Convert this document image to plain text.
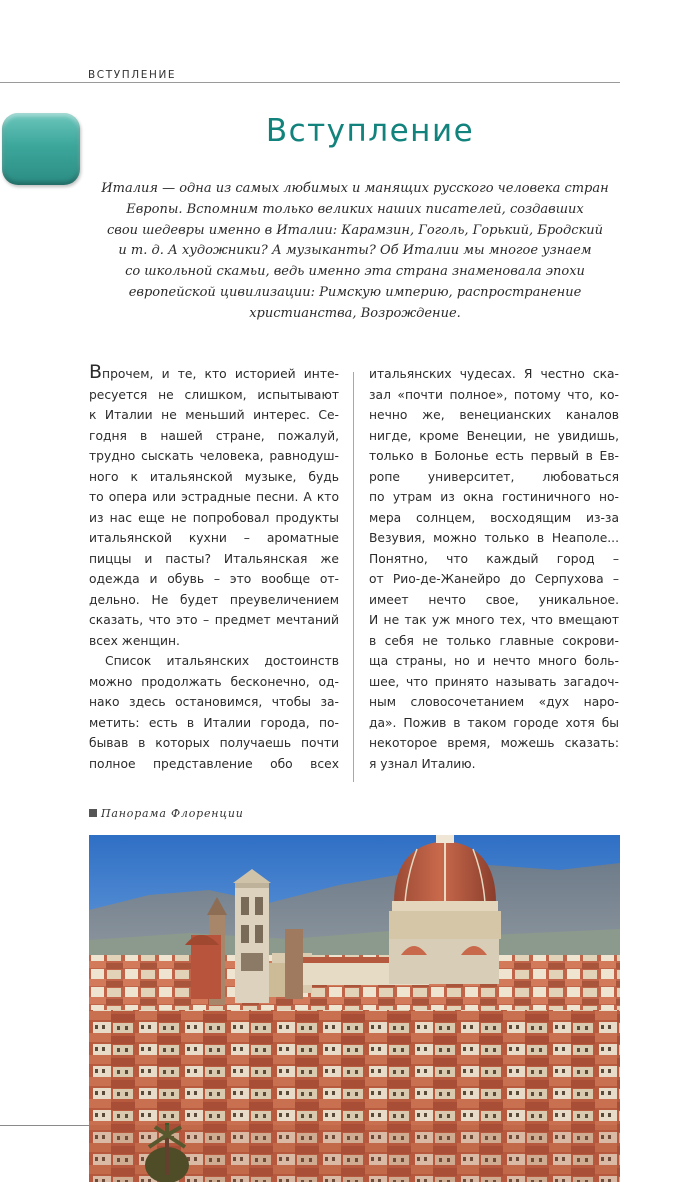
ВСТУПЛЕНИЕ
Вступление
Италия — одна из самых любимых и манящих русского человека стран
Европы. Вспомним только великих наших писателей, создавших
свои шедевры именно в Италии: Карамзин, Гоголь, Горький, Бродский
и т. д. А художники? А музыканты? Об Италии мы многое узнаем
со школьной скамьи, ведь именно эта страна знаменовала эпохи
европейской цивилизации: Римскую империю, распространение
христианства, Возрождение.
Впрочем, и те, кто историей инте-
ресуется не слишком, испытывают
к Италии не меньший интерес. Се-
годня в нашей стране, пожалуй,
трудно сыскать человека, равнодуш-
ного к итальянской музыке, будь
то опера или эстрадные песни. А кто
из нас еще не попробовал продукты
итальянской кухни – ароматные
пиццы и пасты? Итальянская же
одежда и обувь – это вообще от-
дельно. Не будет преувеличением
сказать, что это – предмет мечтаний
всех женщин.
Список итальянских достоинств
можно продолжать бесконечно, од-
нако здесь остановимся, чтобы за-
метить: есть в Италии города, по-
бывав в которых получаешь почти
полное представление обо всех
итальянских чудесах. Я честно ска-
зал «почти полное», потому что, ко-
нечно же, венецианских каналов
нигде, кроме Венеции, не увидишь,
только в Болонье есть первый в Ев-
ропе университет, любоваться
по утрам из окна гостиничного но-
мера солнцем, восходящим из-за
Везувия, можно только в Неаполе...
Понятно, что каждый город –
от Рио-де-Жанейро до Серпухова –
имеет нечто свое, уникальное.
И не так уж много тех, что вмещают
в себя не только главные сокрови-
ща страны, но и нечто много боль-
шее, что принято называть загадоч-
ным словосочетанием «дух наро-
да». Пожив в таком городе хотя бы
некоторое время, можешь сказать:
я узнал Италию.
Панорама Флоренции
